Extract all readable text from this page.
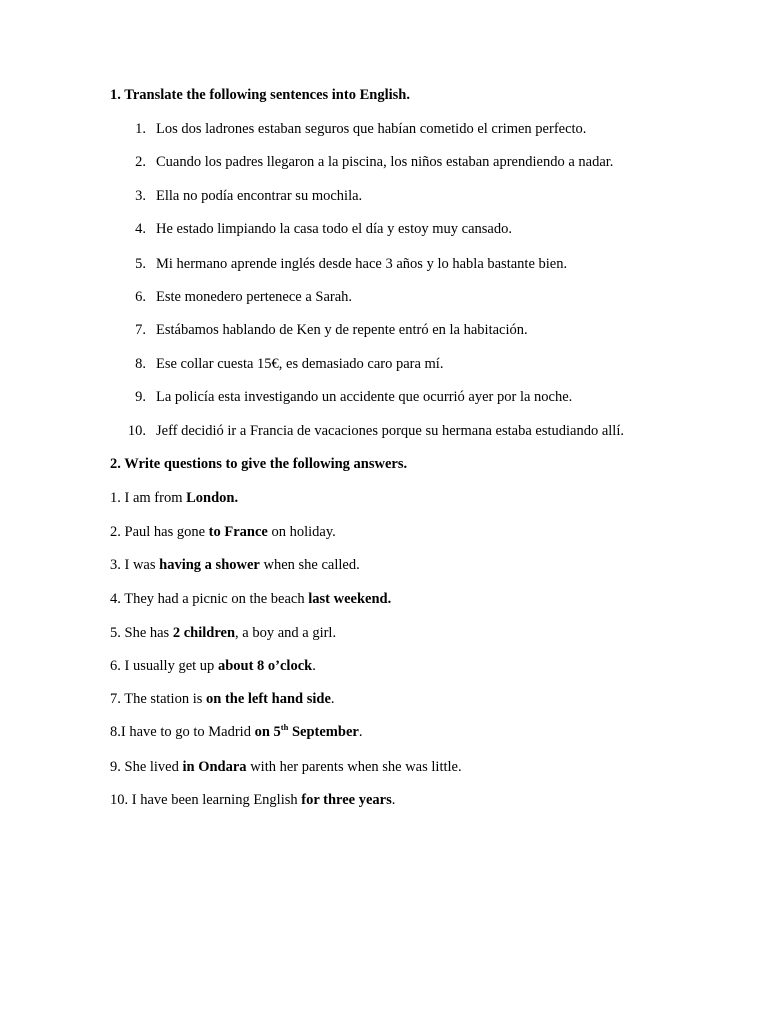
1. Translate the following sentences into English.
1. Los dos ladrones estaban seguros que habían cometido el crimen perfecto.
2. Cuando los padres llegaron a la piscina, los niños estaban aprendiendo a nadar.
3. Ella no podía encontrar su mochila.
4. He estado limpiando la casa todo el día y estoy muy cansado.
5. Mi hermano aprende inglés desde hace 3 años y lo habla bastante bien.
6. Este monedero pertenece a Sarah.
7. Estábamos hablando de Ken y de repente entró en la habitación.
8. Ese collar cuesta 15€, es demasiado caro para mí.
9. La policía esta investigando un accidente que ocurrió ayer por la noche.
10. Jeff decidió ir a Francia de vacaciones porque su hermana estaba estudiando allí.
2. Write questions to give the following answers.
1. I am from London.
2. Paul has gone to France on holiday.
3. I was having a shower when she called.
4. They had a picnic on the beach last weekend.
5. She has 2 children, a boy and a girl.
6. I usually get up about 8 o’clock.
7. The station is on the left hand side.
8.I have to go to Madrid on 5th September.
9. She lived in Ondara with her parents when she was little.
10. I have been learning English for three years.
